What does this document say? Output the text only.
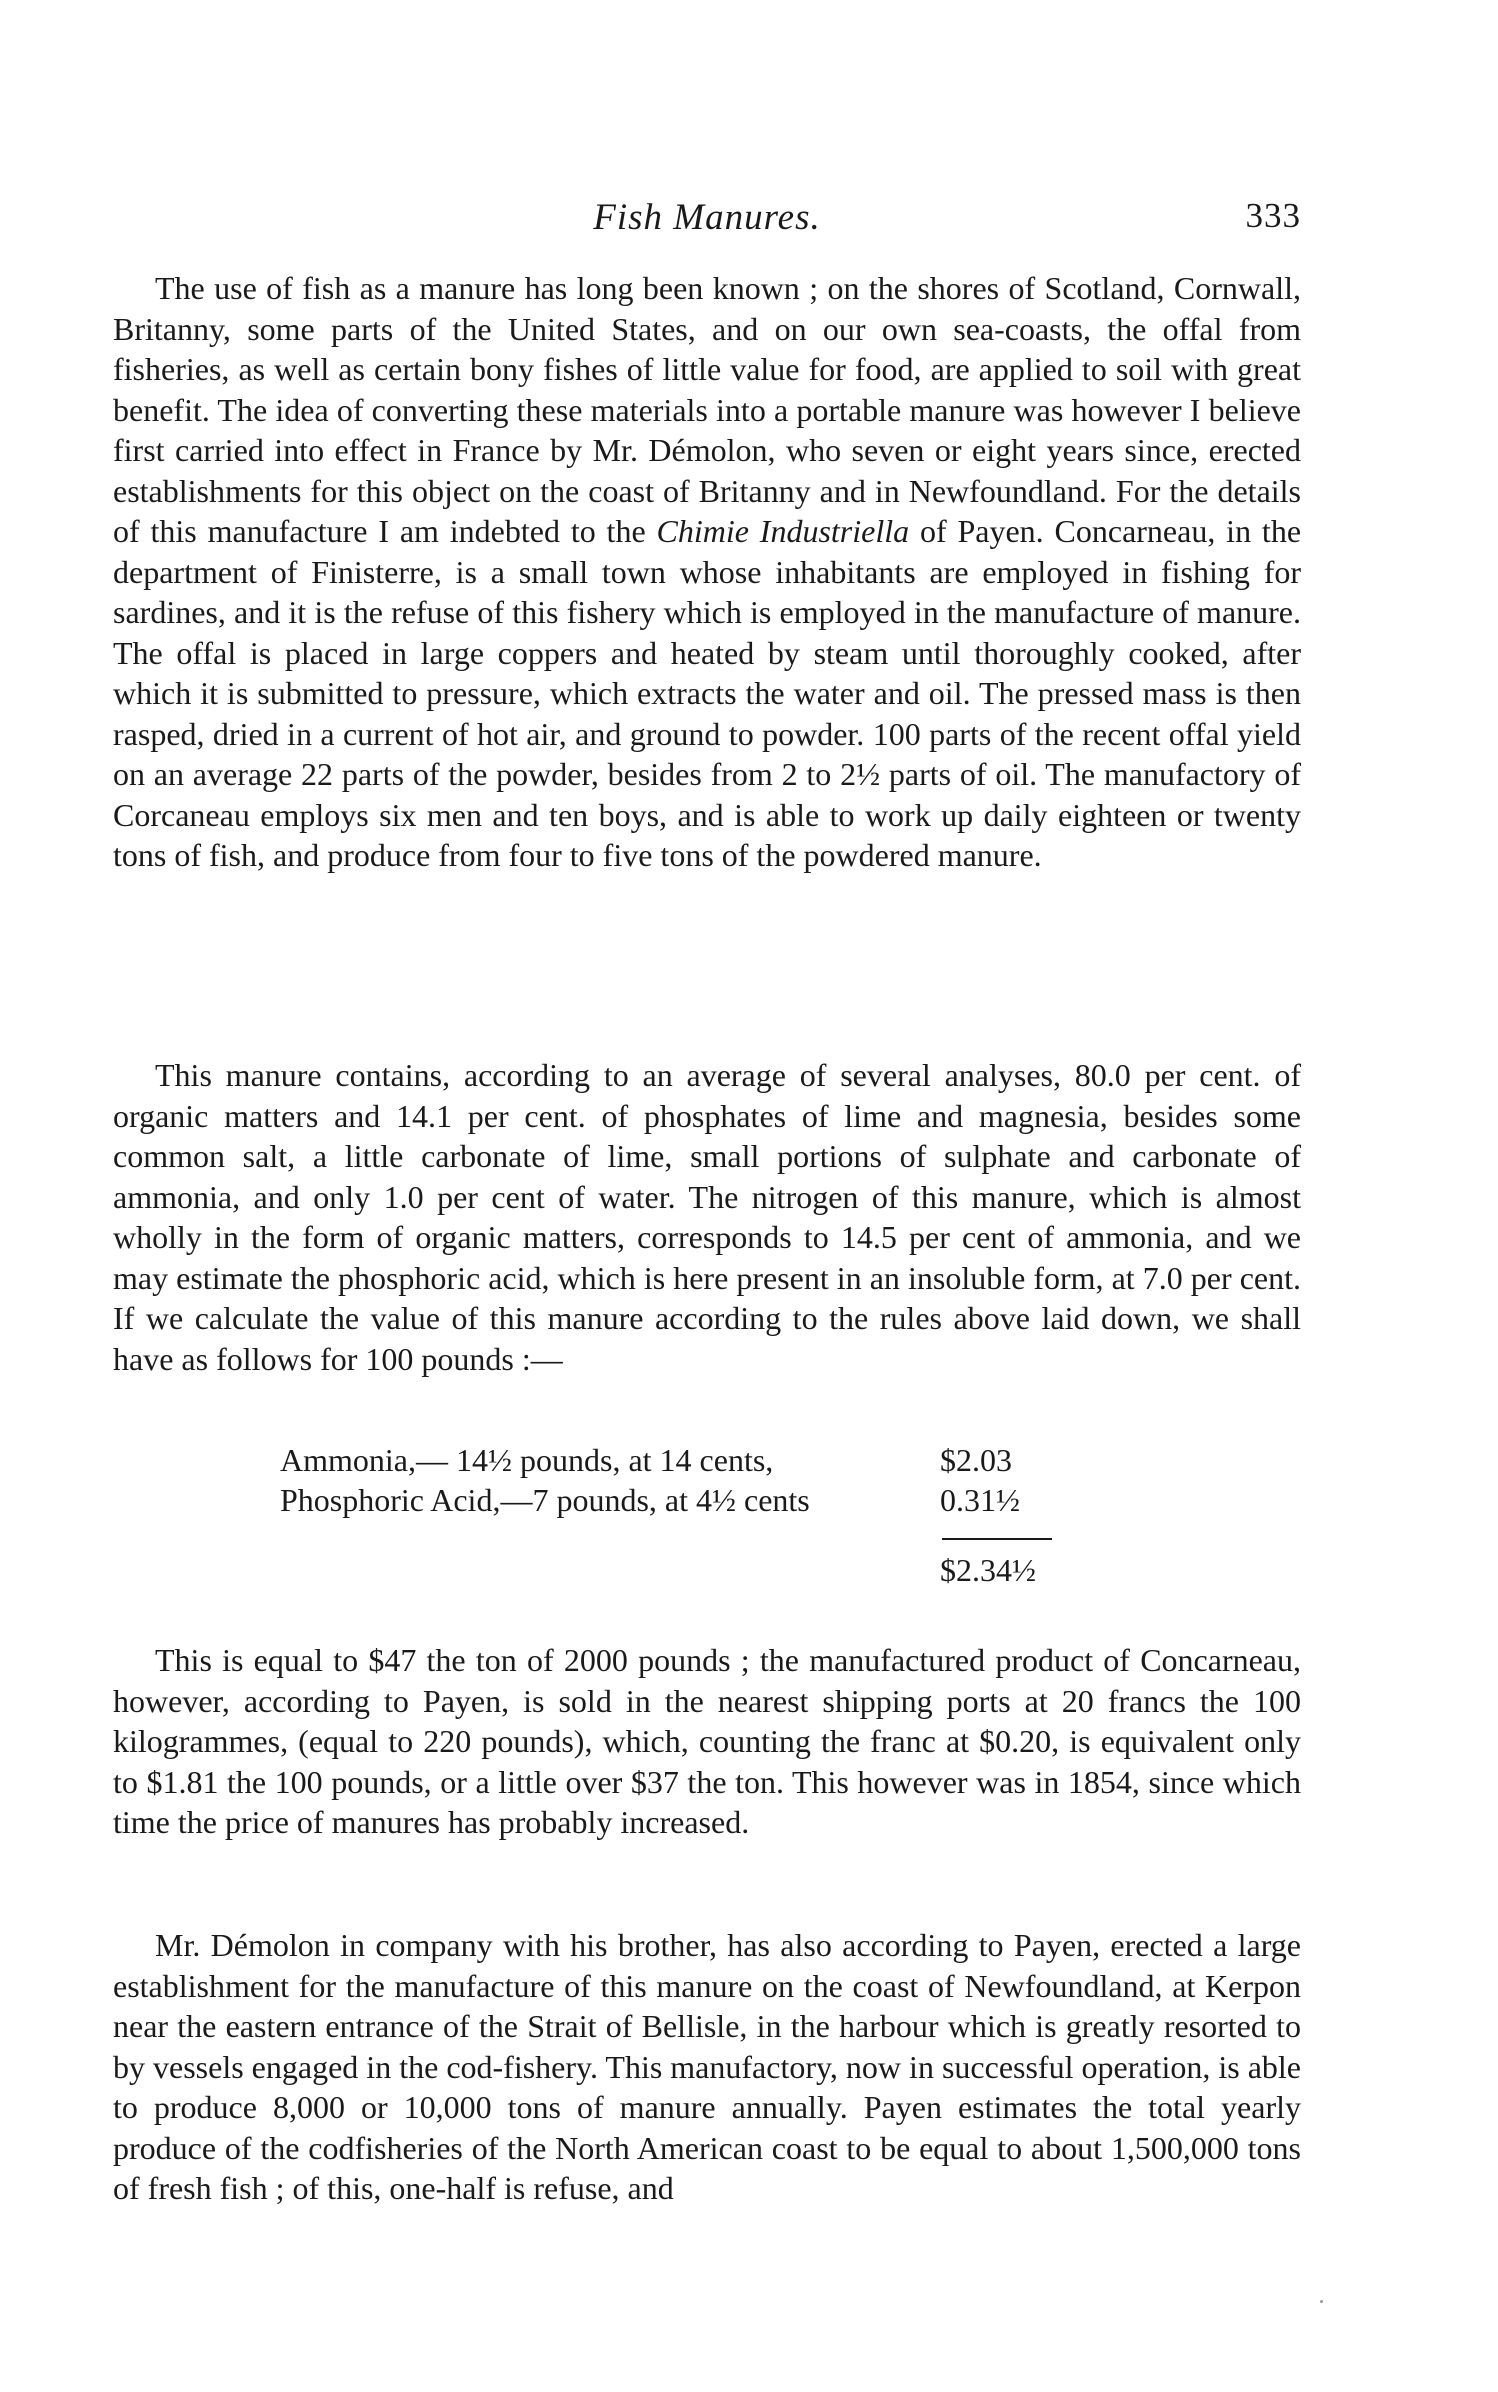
Fish Manures.	333

The use of fish as a manure has long been known ; on the shores of Scotland, Cornwall, Britanny, some parts of the United States, and on our own sea-coasts, the offal from fisheries, as well as certain bony fishes of little value for food, are applied to soil with great benefit. The idea of converting these materials into a portable manure was however I believe first carried into effect in France by Mr. Démolon, who seven or eight years since, erected establishments for this object on the coast of Britanny and in Newfoundland. For the details of this manufacture I am indebted to the Chimie Industriella of Payen. Concarneau, in the department of Finisterre, is a small town whose inhabitants are employed in fishing for sardines, and it is the refuse of this fishery which is employed in the manufacture of manure. The offal is placed in large coppers and heated by steam until thoroughly cooked, after which it is submitted to pressure, which extracts the water and oil. The pressed mass is then rasped, dried in a current of hot air, and ground to powder. 100 parts of the recent offal yield on an average 22 parts of the powder, besides from 2 to 2½ parts of oil. The manufactory of Corcaneau employs six men and ten boys, and is able to work up daily eighteen or twenty tons of fish, and produce from four to five tons of the powdered manure.

This manure contains, according to an average of several analyses, 80.0 per cent. of organic matters and 14.1 per cent. of phosphates of lime and magnesia, besides some common salt, a little carbonate of lime, small portions of sulphate and carbonate of ammonia, and only 1.0 per cent of water. The nitrogen of this manure, which is almost wholly in the form of organic matters, corresponds to 14.5 per cent of ammonia, and we may estimate the phosphoric acid, which is here present in an insoluble form, at 7.0 per cent. If we calculate the value of this manure according to the rules above laid down, we shall have as follows for 100 pounds :—

Ammonia,— 14½ pounds, at 14 cents,	$2.03
Phosphoric Acid,—7 pounds, at 4½ cents	0.31½
$2.34½

This is equal to $47 the ton of 2000 pounds ; the manufactured product of Concarneau, however, according to Payen, is sold in the nearest shipping ports at 20 francs the 100 kilogrammes, (equal to 220 pounds), which, counting the franc at $0.20, is equivalent only to $1.81 the 100 pounds, or a little over $37 the ton. This however was in 1854, since which time the price of manures has probably increased.

Mr. Démolon in company with his brother, has also according to Payen, erected a large establishment for the manufacture of this manure on the coast of Newfoundland, at Kerpon near the eastern entrance of the Strait of Bellisle, in the harbour which is greatly resorted to by vessels engaged in the cod-fishery. This manufactory, now in successful operation, is able to produce 8,000 or 10,000 tons of manure annually. Payen estimates the total yearly produce of the codfisheries of the North American coast to be equal to about 1,500,000 tons of fresh fish ; of this, one-half is refuse, and
